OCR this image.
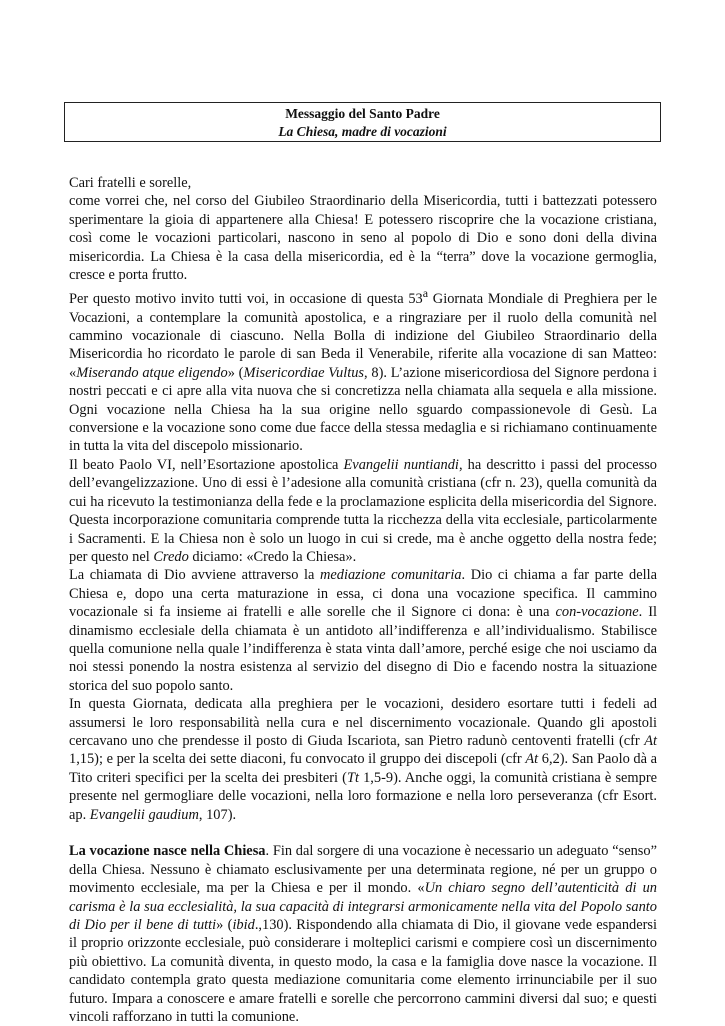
Messaggio del Santo Padre
La Chiesa, madre di vocazioni

Cari fratelli e sorelle,

come vorrei che, nel corso del Giubileo Straordinario della Misericordia, tutti i battezzati potessero sperimentare la gioia di appartenere alla Chiesa! E potessero riscoprire che la vocazione cristiana, così come le vocazioni particolari, nascono in seno al popolo di Dio e sono doni della divina misericordia. La Chiesa è la casa della misericordia, ed è la “terra” dove la vocazione germoglia, cresce e porta frutto.

Per questo motivo invito tutti voi, in occasione di questa 53$^a$ Giornata Mondiale di Preghiera per le Vocazioni, a contemplare la comunità apostolica, e a ringraziare per il ruolo della comunità nel cammino vocazionale di ciascuno. Nella Bolla di indizione del Giubileo Straordinario della Misericordia ho ricordato le parole di san Beda il Venerabile, riferite alla vocazione di san Matteo: «Miserando atque eligendo» (Misericordiae Vultus, 8). L’azione misericordiosa del Signore perdona i nostri peccati e ci apre alla vita nuova che si concretizza nella chiamata alla sequela e alla missione. Ogni vocazione nella Chiesa ha la sua origine nello sguardo compassionevole di Gesù. La conversione e la vocazione sono come due facce della stessa medaglia e si richiamano continuamente in tutta la vita del discepolo missionario.

Il beato Paolo VI, nell’Esortazione apostolica Evangelii nuntiandi, ha descritto i passi del processo dell’evangelizzazione. Uno di essi è l’adesione alla comunità cristiana (cfr n. 23), quella comunità da cui ha ricevuto la testimonianza della fede e la proclamazione esplicita della misericordia del Signore. Questa incorporazione comunitaria comprende tutta la ricchezza della vita ecclesiale, particolarmente i Sacramenti. E la Chiesa non è solo un luogo in cui si crede, ma è anche oggetto della nostra fede; per questo nel Credo diciamo: «Credo la Chiesa».

La chiamata di Dio avviene attraverso la mediazione comunitaria. Dio ci chiama a far parte della Chiesa e, dopo una certa maturazione in essa, ci dona una vocazione specifica. Il cammino vocazionale si fa insieme ai fratelli e alle sorelle che il Signore ci dona: è una con-vocazione. Il dinamismo ecclesiale della chiamata è un antidoto all’indifferenza e all’individualismo. Stabilisce quella comunione nella quale l’indifferenza è stata vinta dall’amore, perché esige che noi usciamo da noi stessi ponendo la nostra esistenza al servizio del disegno di Dio e facendo nostra la situazione storica del suo popolo santo.

In questa Giornata, dedicata alla preghiera per le vocazioni, desidero esortare tutti i fedeli ad assumersi le loro responsabilità nella cura e nel discernimento vocazionale. Quando gli apostoli cercavano uno che prendesse il posto di Giuda Iscariota, san Pietro radunò centoventi fratelli (cfr At 1,15); e per la scelta dei sette diaconi, fu convocato il gruppo dei discepoli (cfr At 6,2). San Paolo dà a Tito criteri specifici per la scelta dei presbiteri (Tt 1,5-9). Anche oggi, la comunità cristiana è sempre presente nel germogliare delle vocazioni, nella loro formazione e nella loro perseveranza (cfr Esort. ap. Evangelii gaudium, 107).

La vocazione nasce nella Chiesa. Fin dal sorgere di una vocazione è necessario un adeguato “senso” della Chiesa. Nessuno è chiamato esclusivamente per una determinata regione, né per un gruppo o movimento ecclesiale, ma per la Chiesa e per il mondo. «Un chiaro segno dell’autenticità di un carisma è la sua ecclesialità, la sua capacità di integrarsi armonicamente nella vita del Popolo santo di Dio per il bene di tutti» (ibid.,130). Rispondendo alla chiamata di Dio, il giovane vede espandersi il proprio orizzonte ecclesiale, può considerare i molteplici carismi e compiere così un discernimento più obiettivo. La comunità diventa, in questo modo, la casa e la famiglia dove nasce la vocazione. Il candidato contempla grato questa mediazione comunitaria come elemento irrinunciabile per il suo futuro. Impara a conoscere e amare fratelli e sorelle che percorrono cammini diversi dal suo; e questi vincoli rafforzano in tutti la comunione.
